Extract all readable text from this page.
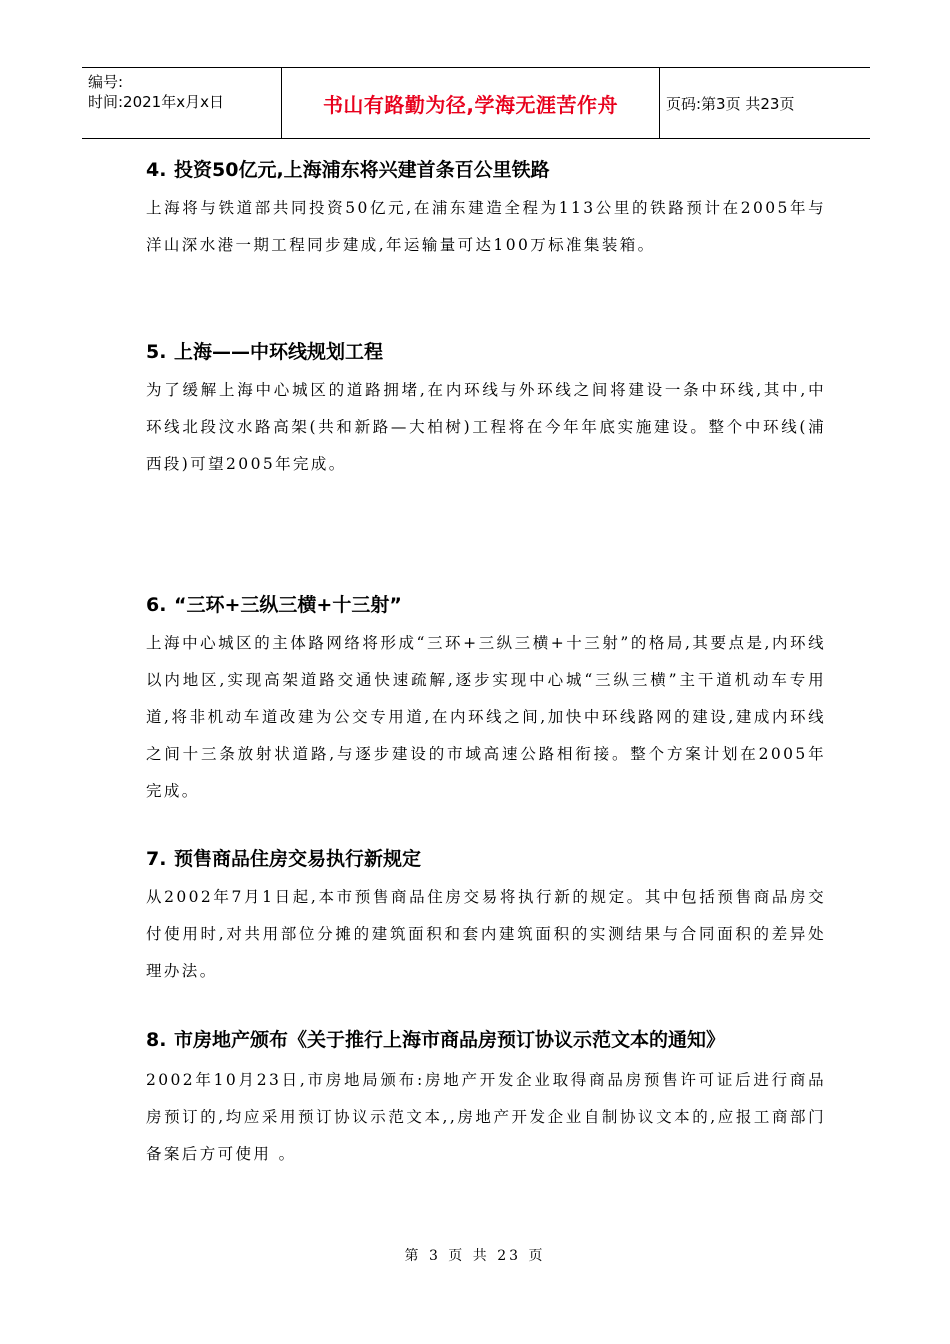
编号:
时间:2021年x月x日	书山有路勤为径,学海无涯苦作舟	页码:第3页 共23页
4. 投资50亿元,上海浦东将兴建首条百公里铁路

上海将与铁道部共同投资50亿元,在浦东建造全程为113公里的铁路预计在2005年与洋山深水港一期工程同步建成,年运输量可达100万标准集装箱。

5. 上海——中环线规划工程

为了缓解上海中心城区的道路拥堵,在内环线与外环线之间将建设一条中环线,其中,中环线北段汶水路高架(共和新路—大柏树)工程将在今年年底实施建设。整个中环线(浦西段)可望2005年完成。

6. “三环+三纵三横+十三射”

上海中心城区的主体路网络将形成“三环+三纵三横+十三射”的格局,其要点是,内环线以内地区,实现高架道路交通快速疏解,逐步实现中心城“三纵三横”主干道机动车专用道,将非机动车道改建为公交专用道,在内环线之间,加快中环线路网的建设,建成内环线之间十三条放射状道路,与逐步建设的市域高速公路相衔接。整个方案计划在2005年完成。

7. 预售商品住房交易执行新规定

从2002年7月1日起,本市预售商品住房交易将执行新的规定。其中包括预售商品房交付使用时,对共用部位分摊的建筑面积和套内建筑面积的实测结果与合同面积的差异处理办法。

8. 市房地产颁布《关于推行上海市商品房预订协议示范文本的通知》

2002年10月23日,市房地局颁布:房地产开发企业取得商品房预售许可证后进行商品房预订的,均应采用预订协议示范文本,,房地产开发企业自制协议文本的,应报工商部门备案后方可使用 。

第 3 页 共 23 页
